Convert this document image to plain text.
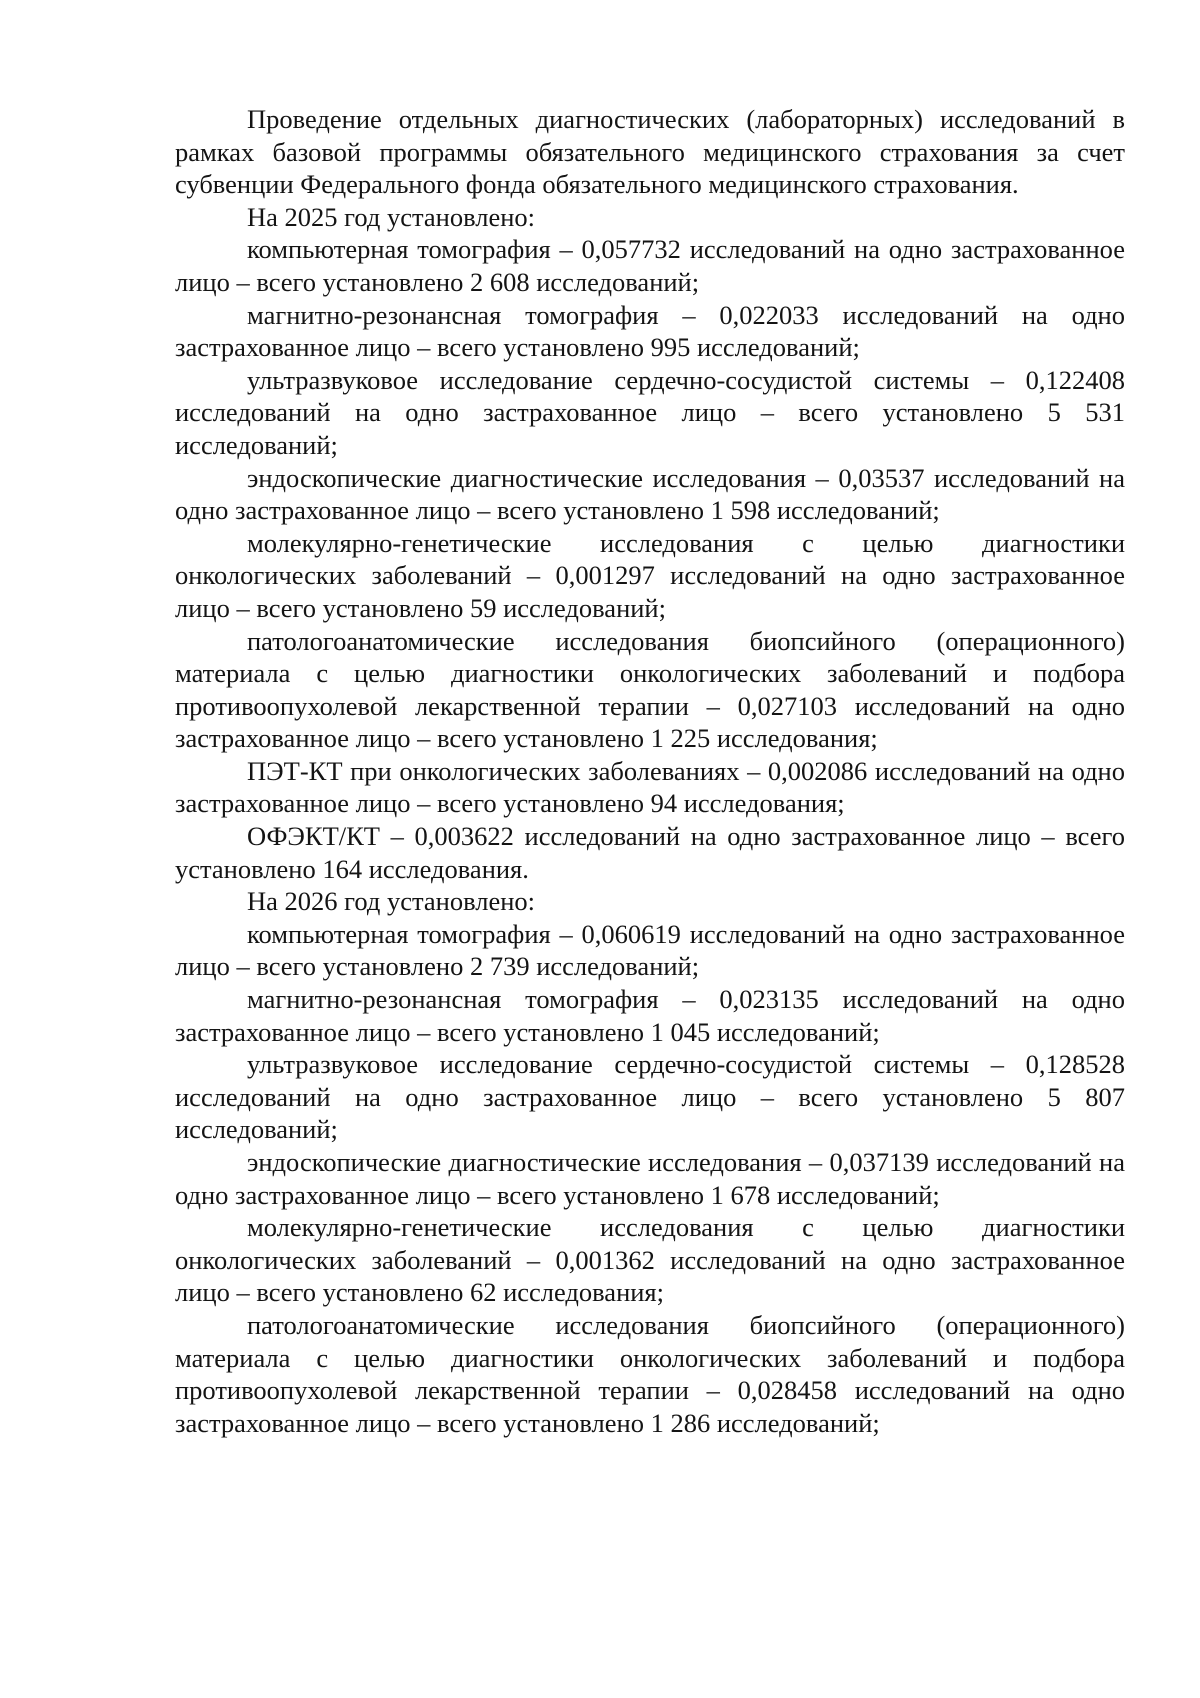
Проведение отдельных диагностических (лабораторных) исследований в рамках базовой программы обязательного медицинского страхования за счет субвенции Федерального фонда обязательного медицинского страхования.

На 2025 год установлено:

компьютерная томография – 0,057732 исследований на одно застрахованное лицо – всего установлено 2 608 исследований;

магнитно-резонансная томография – 0,022033 исследований на одно застрахованное лицо – всего установлено 995 исследований;

ультразвуковое исследование сердечно-сосудистой системы – 0,122408 исследований на одно застрахованное лицо – всего установлено 5 531 исследований;

эндоскопические диагностические исследования – 0,03537 исследований на одно застрахованное лицо – всего установлено 1 598 исследований;

молекулярно-генетические исследования с целью диагностики онкологических заболеваний – 0,001297 исследований на одно застрахованное лицо – всего установлено 59 исследований;

патологоанатомические исследования биопсийного (операционного) материала с целью диагностики онкологических заболеваний и подбора противоопухолевой лекарственной терапии – 0,027103 исследований на одно застрахованное лицо – всего установлено 1 225 исследования;

ПЭТ-КТ при онкологических заболеваниях – 0,002086 исследований на одно застрахованное лицо – всего установлено 94 исследования;

ОФЭКТ/КТ – 0,003622 исследований на одно застрахованное лицо – всего установлено 164 исследования.

На 2026 год установлено:

компьютерная томография – 0,060619 исследований на одно застрахованное лицо – всего установлено 2 739 исследований;

магнитно-резонансная томография – 0,023135 исследований на одно застрахованное лицо – всего установлено 1 045 исследований;

ультразвуковое исследование сердечно-сосудистой системы – 0,128528 исследований на одно застрахованное лицо – всего установлено 5 807 исследований;

эндоскопические диагностические исследования – 0,037139 исследований на одно застрахованное лицо – всего установлено 1 678 исследований;

молекулярно-генетические исследования с целью диагностики онкологических заболеваний – 0,001362 исследований на одно застрахованное лицо – всего установлено 62 исследования;

патологоанатомические исследования биопсийного (операционного) материала с целью диагностики онкологических заболеваний и подбора противоопухолевой лекарственной терапии – 0,028458 исследований на одно застрахованное лицо – всего установлено 1 286 исследований;
